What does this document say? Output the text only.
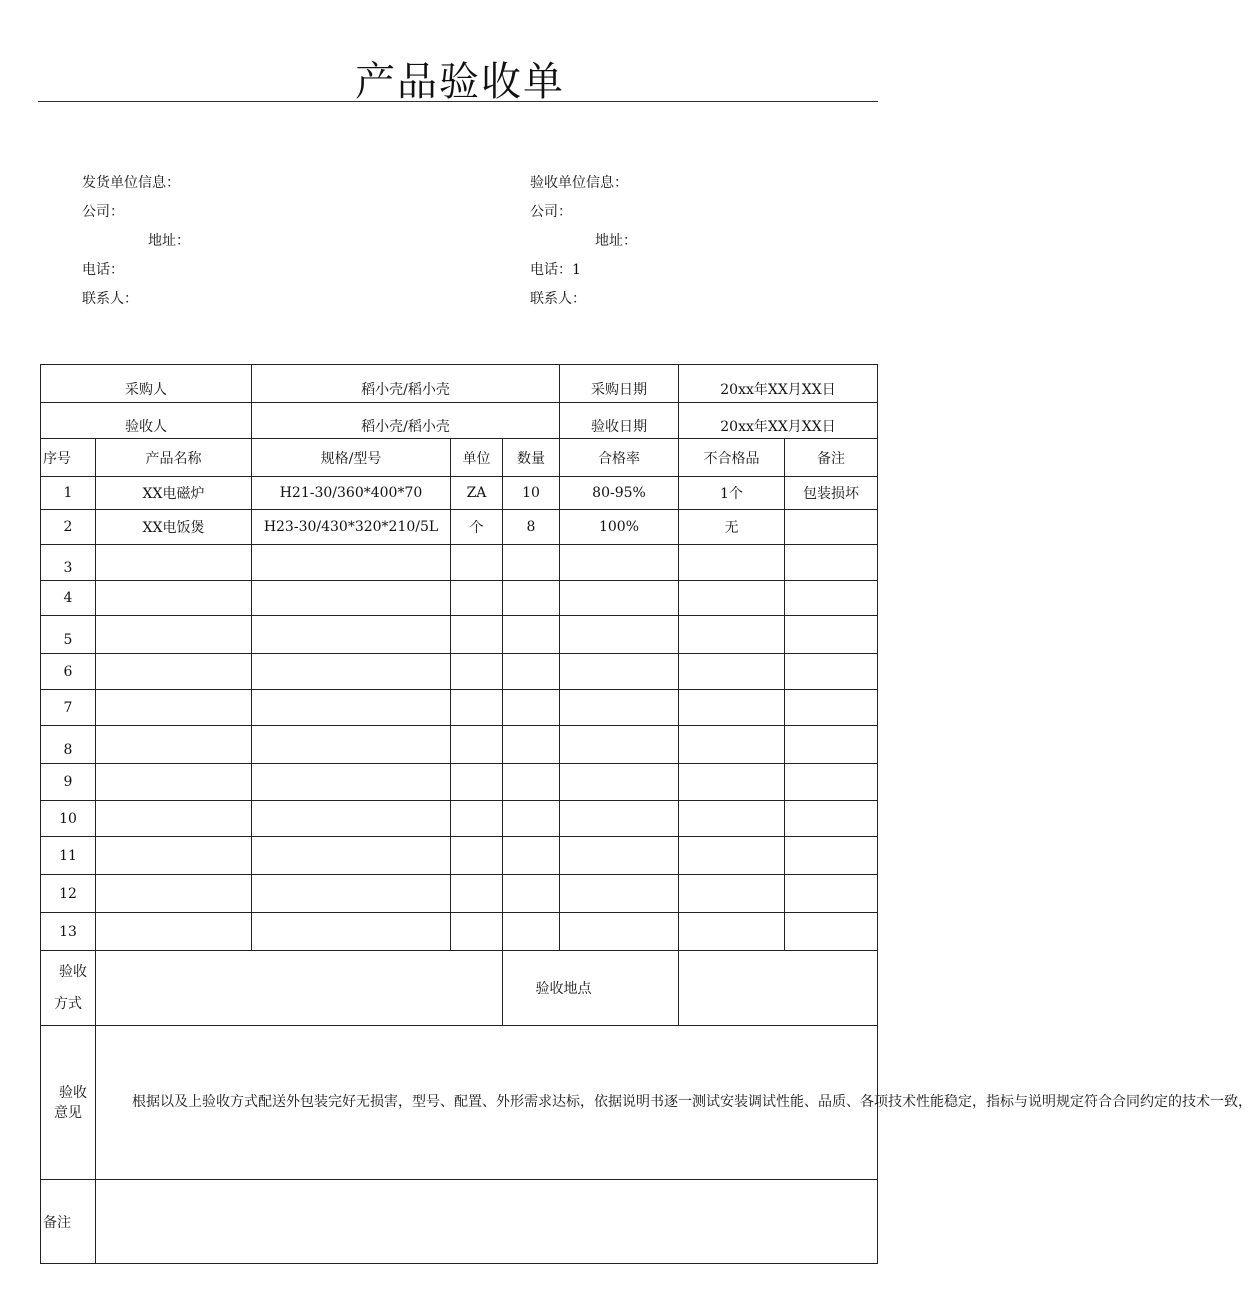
产品验收单
发货单位信息：
公司：
地址：
电话：
联系人：
验收单位信息：
公司：
地址：
电话：1
联系人：
采购人		稻小壳/稻小壳			采购日期	20xx年XX月XX日	
验收人		稻小壳/稻小壳			验收日期	20xx年XX月XX日	
序号	产品名称	规格/型号	单位	数量	合格率	不合格品	备注
1	XX电磁炉	H21-30/360*400*70	ZA	10	80-95%	1个	包装损坏
2	XX电饭煲	H23-30/430*320*210/5L	个	8	100%	无	
3							
4							
5							
6							
7							
8							
9							
10							
11							
12							
13							

验收
方式				验收地点			

验收
意见	根据以及上验收方式配送外包装完好无损害，型号、配置、外形需求达标，依据说明书逐一测试安装调试性能、品质、各项技术性能稳定，指标与说明规定符合合同约定的技术一致，						

备注							
